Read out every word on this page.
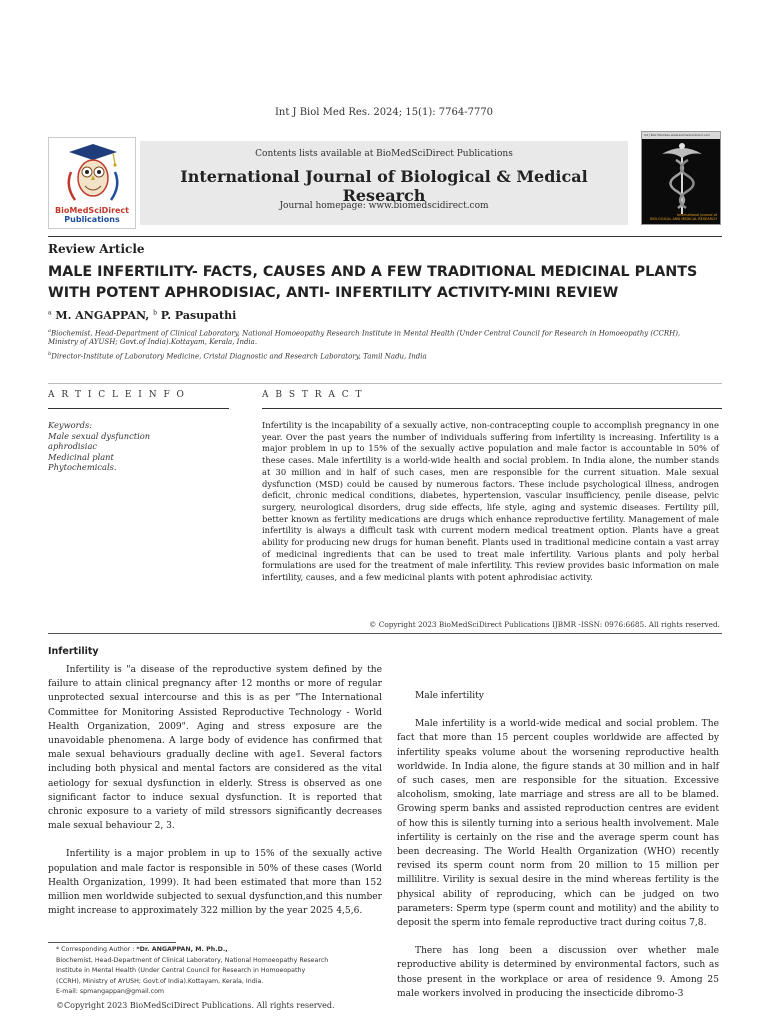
Int J Biol Med Res. 2024; 15(1): 7764-7770
BioMedSciDirect
Publications
Contents lists available at BioMedSciDirect Publications
International Journal of Biological & Medical Research
Journal homepage: www.biomedscidirect.com
Int J Biol Med Res www.biomedscidirect.com
International Journal of
BIOLOGICAL AND MEDICAL RESEARCH
Review Article
MALE INFERTILITY- FACTS, CAUSES AND A FEW TRADITIONAL MEDICINAL PLANTS
WITH POTENT APHRODISIAC, ANTI- INFERTILITY ACTIVITY-MINI REVIEW
$^a$ M. ANGAPPAN, $^b$ P. Pasupathi
$^a$Biochemist, Head-Department of Clinical Laboratory, National Homoeopathy Research Institute in Mental Health (Under Central Council for Research in Homoeopathy (CCRH),
Ministry of AYUSH; Govt.of India).Kottayam, Kerala, India.
$^b$Director-Institute of Laboratory Medicine, Cristal Diagnostic and Research Laboratory, Tamil Nadu, India
A R T I C L E I N F O	A B S T R A C T
Keywords:
Male sexual dysfunction
aphrodisiac
Medicinal plant
Phytochemicals.
Infertility is the incapability of a sexually active, non-contracepting couple to accomplish pregnancy in one year. Over the past years the number of individuals suffering from infertility is increasing. Infertility is a major problem in up to 15% of the sexually active population and male factor is accountable in 50% of these cases. Male infertility is a world-wide health and social problem. In India alone, the number stands at 30 million and in half of such cases, men are responsible for the current situation. Male sexual dysfunction (MSD) could be caused by numerous factors. These include psychological illness, androgen deficit, chronic medical conditions, diabetes, hypertension, vascular insufficiency, penile disease, pelvic surgery, neurological disorders, drug side effects, life style, aging and systemic diseases. Fertility pill, better known as fertility medications are drugs which enhance reproductive fertility. Management of male infertility is always a difficult task with current modern medical treatment option. Plants have a great ability for producing new drugs for human benefit. Plants used in traditional medicine contain a vast array of medicinal ingredients that can be used to treat male infertility. Various plants and poly herbal formulations are used for the treatment of male infertility. This review provides basic information on male infertility, causes, and a few medicinal plants with potent aphrodisiac activity.
© Copyright 2023 BioMedSciDirect Publications IJBMR -ISSN: 0976:6685. All rights reserved.
Infertility

Infertility is "a disease of the reproductive system defined by the failure to attain clinical pregnancy after 12 months or more of regular unprotected sexual intercourse and this is as per "The International Committee for Monitoring Assisted Reproductive Technology - World Health Organization, 2009". Aging and stress exposure are the unavoidable phenomena. A large body of evidence has confirmed that male sexual behaviours gradually decline with age1. Several factors including both physical and mental factors are considered as the vital aetiology for sexual dysfunction in elderly. Stress is observed as one significant factor to induce sexual dysfunction. It is reported that chronic exposure to a variety of mild stressors significantly decreases male sexual behaviour 2, 3.

Infertility is a major problem in up to 15% of the sexually active population and male factor is responsible in 50% of these cases (World Health Organization, 1999). It had been estimated that more than 152 million men worldwide subjected to sexual dysfunction,and this number might increase to approximately 322 million by the year 2025 4,5,6.

Male infertility

Male infertility is a world-wide medical and social problem. The fact that more than 15 percent couples worldwide are affected by infertility speaks volume about the worsening reproductive health worldwide. In India alone, the figure stands at 30 million and in half of such cases, men are responsible for the situation. Excessive alcoholism, smoking, late marriage and stress are all to be blamed. Growing sperm banks and assisted reproduction centres are evident of how this is silently turning into a serious health involvement. Male infertility is certainly on the rise and the average sperm count has been decreasing. The World Health Organization (WHO) recently revised its sperm count norm from 20 million to 15 million per millilitre. Virility is sexual desire in the mind whereas fertility is the physical ability of reproducing, which can be judged on two parameters: Sperm type (sperm count and motility) and the ability to deposit the sperm into female reproductive tract during coitus 7,8.

There has long been a discussion over whether male reproductive ability is determined by environmental factors, such as those present in the workplace or area of residence 9. Among 25 male workers involved in producing the insecticide dibromo-3

* Corresponding Author : *Dr. ANGAPPAN, M. Ph.D.,
Biochemist, Head-Department of Clinical Laboratory, National Homoeopathy Research
Institute in Mental Health (Under Central Council for Research in Homoeopathy
(CCRH), Ministry of AYUSH; Govt.of India).Kottayam, Kerala, India.
E-mail: spmangappan@gmail.com
©Copyright 2023 BioMedSciDirect Publications. All rights reserved.
